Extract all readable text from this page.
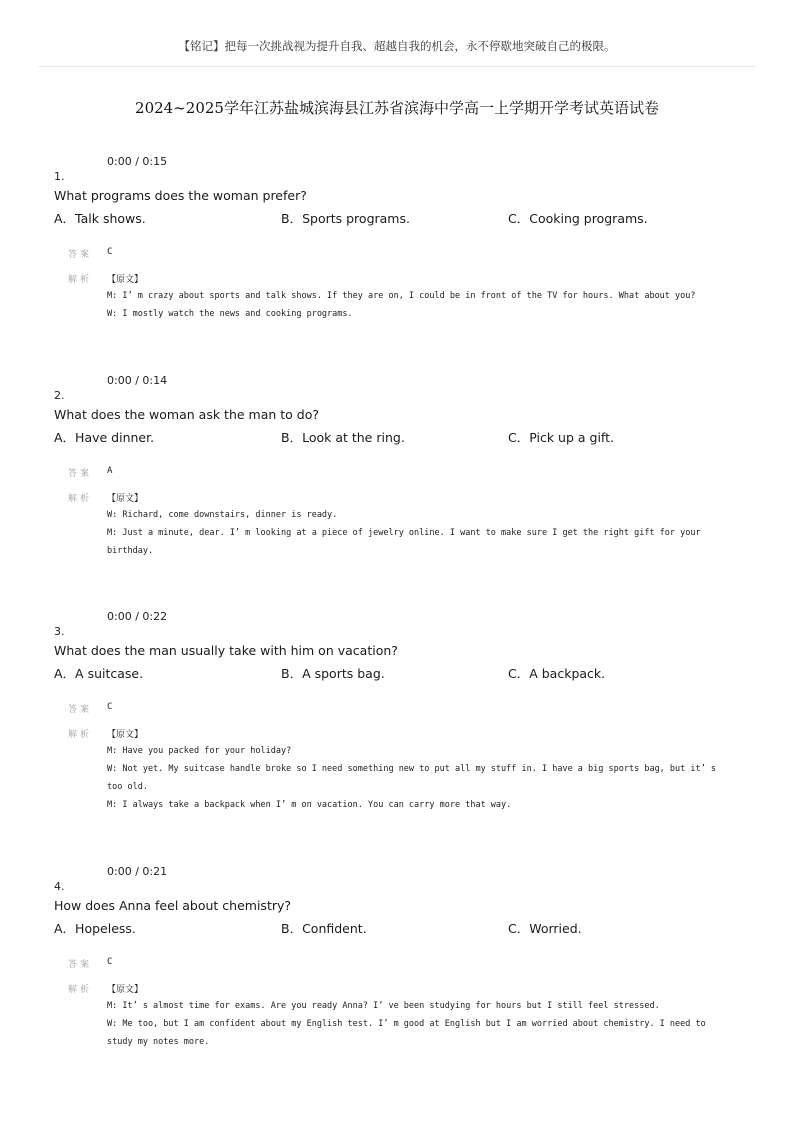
【铭记】把每一次挑战视为提升自我、超越自我的机会，永不停歇地突破自己的极限。
2024~2025学年江苏盐城滨海县江苏省滨海中学高一上学期开学考试英语试卷
0:00 / 0:15
1.
What programs does the woman prefer?
A．Talk shows.	B．Sports programs.	C．Cooking programs.
答案 C
解析 【原文】
M: I’ m crazy about sports and talk shows. If they are on, I could be in front of the TV for hours. What about you?
W: I mostly watch the news and cooking programs.
0:00 / 0:14
2.
What does the woman ask the man to do?
A．Have dinner.	B．Look at the ring.	C．Pick up a gift.
答案 A
解析 【原文】
W: Richard, come downstairs, dinner is ready.
M: Just a minute, dear. I’ m looking at a piece of jewelry online. I want to make sure I get the right gift for your birthday.
0:00 / 0:22
3.
What does the man usually take with him on vacation?
A．A suitcase.	B．A sports bag.	C．A backpack.
答案 C
解析 【原文】
M: Have you packed for your holiday?
W: Not yet. My suitcase handle broke so I need something new to put all my stuff in. I have a big sports bag, but it’ s too old.
M: I always take a backpack when I’ m on vacation. You can carry more that way.
0:00 / 0:21
4.
How does Anna feel about chemistry?
A．Hopeless.	B．Confident.	C．Worried.
答案 C
解析 【原文】
M: It’ s almost time for exams. Are you ready Anna? I’ ve been studying for hours but I still feel stressed.
W: Me too, but I am confident about my English test. I’ m good at English but I am worried about chemistry. I need to study my notes more.
